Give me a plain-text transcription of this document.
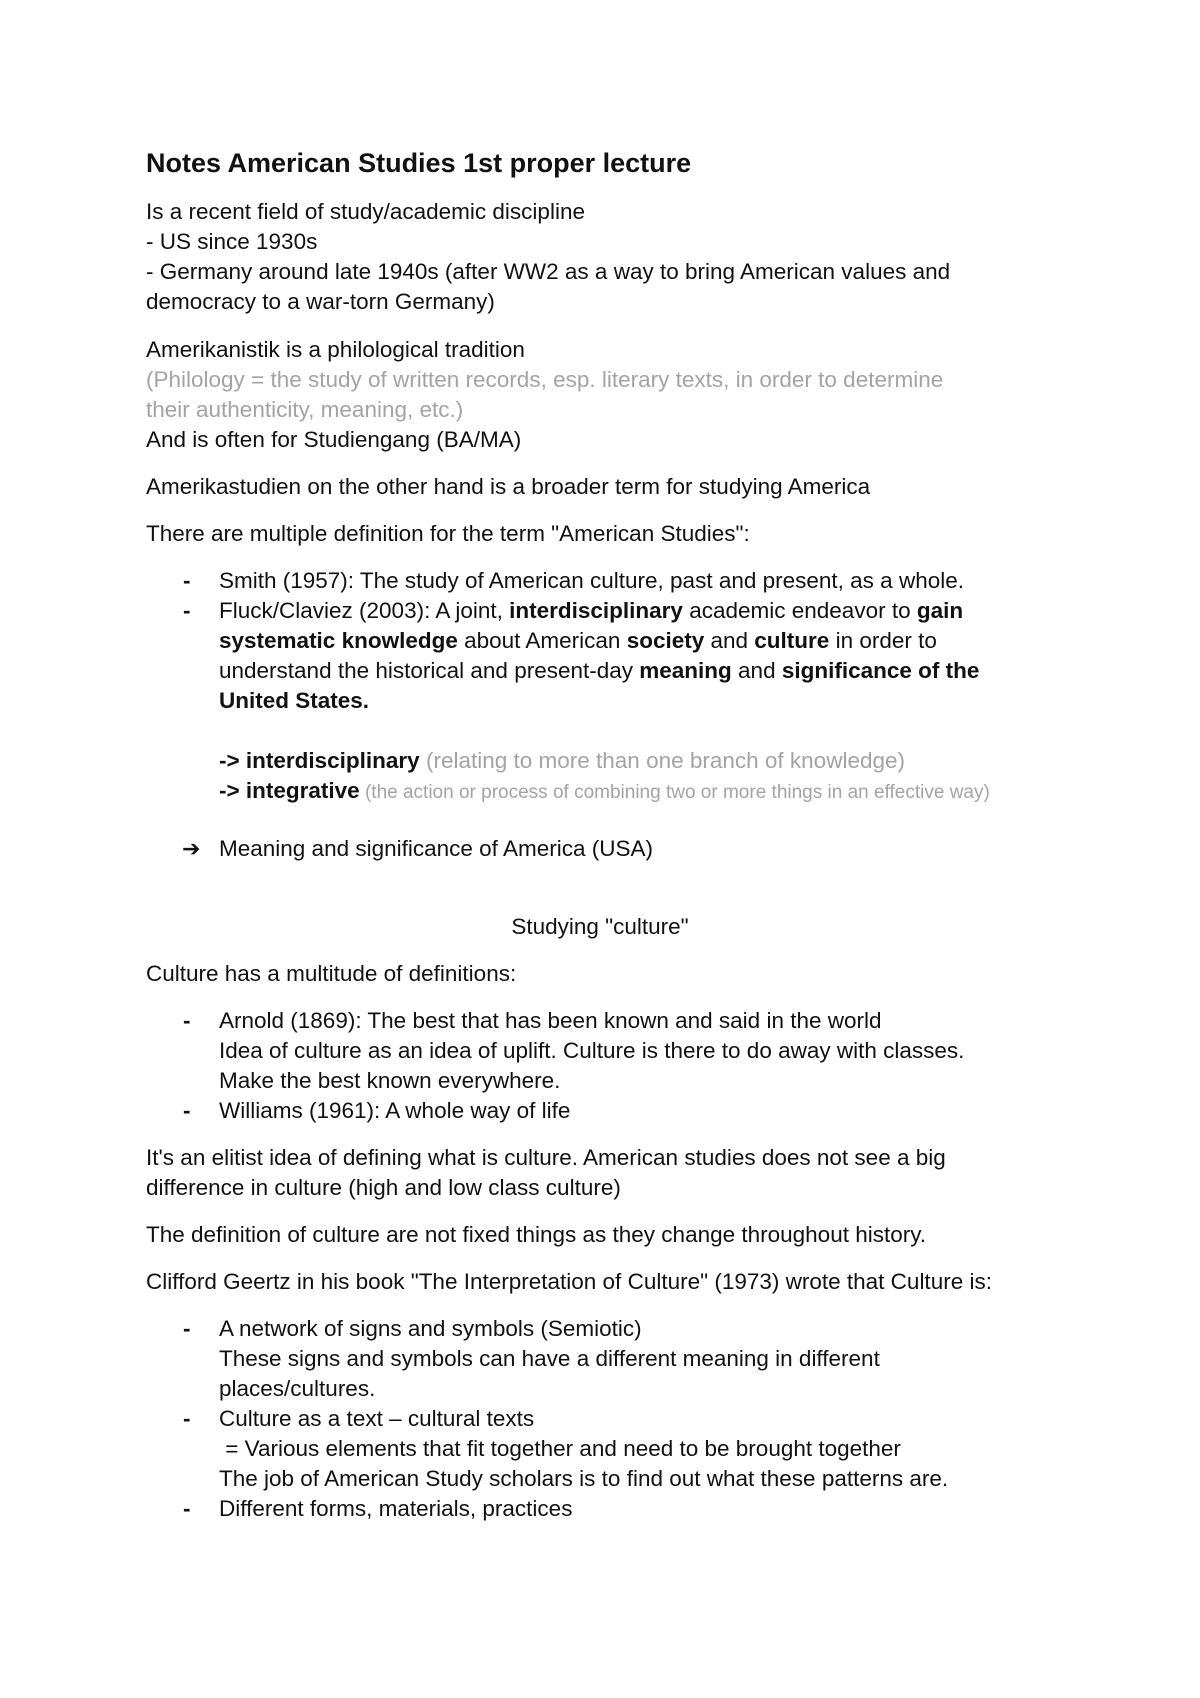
Notes American Studies 1st proper lecture

Is a recent field of study/academic discipline

- US since 1930s

- Germany around late 1940s (after WW2 as a way to bring American values and

democracy to a war-torn Germany)

Amerikanistik is a philological tradition

(Philology = the study of written records, esp. literary texts, in order to determine

their authenticity, meaning, etc.)

And is often for Studiengang (BA/MA)

Amerikastudien on the other hand is a broader term for studying America

There are multiple definition for the term "American Studies":

- Smith (1957): The study of American culture, past and present, as a whole.

- Fluck/Claviez (2003): A joint, interdisciplinary academic endeavor to gain

systematic knowledge about American society and culture in order to

understand the historical and present-day meaning and significance of the

United States.

-> interdisciplinary (relating to more than one branch of knowledge)

-> integrative (the action or process of combining two or more things in an effective way)

➔ Meaning and significance of America (USA)

Studying "culture"

Culture has a multitude of definitions:

- Arnold (1869): The best that has been known and said in the world

Idea of culture as an idea of uplift. Culture is there to do away with classes.

Make the best known everywhere.

- Williams (1961): A whole way of life

It's an elitist idea of defining what is culture. American studies does not see a big

difference in culture (high and low class culture)

The definition of culture are not fixed things as they change throughout history.

Clifford Geertz in his book "The Interpretation of Culture" (1973) wrote that Culture is:

- A network of signs and symbols (Semiotic)

These signs and symbols can have a different meaning in different

places/cultures.

- Culture as a text – cultural texts

= Various elements that fit together and need to be brought together

The job of American Study scholars is to find out what these patterns are.

- Different forms, materials, practices
